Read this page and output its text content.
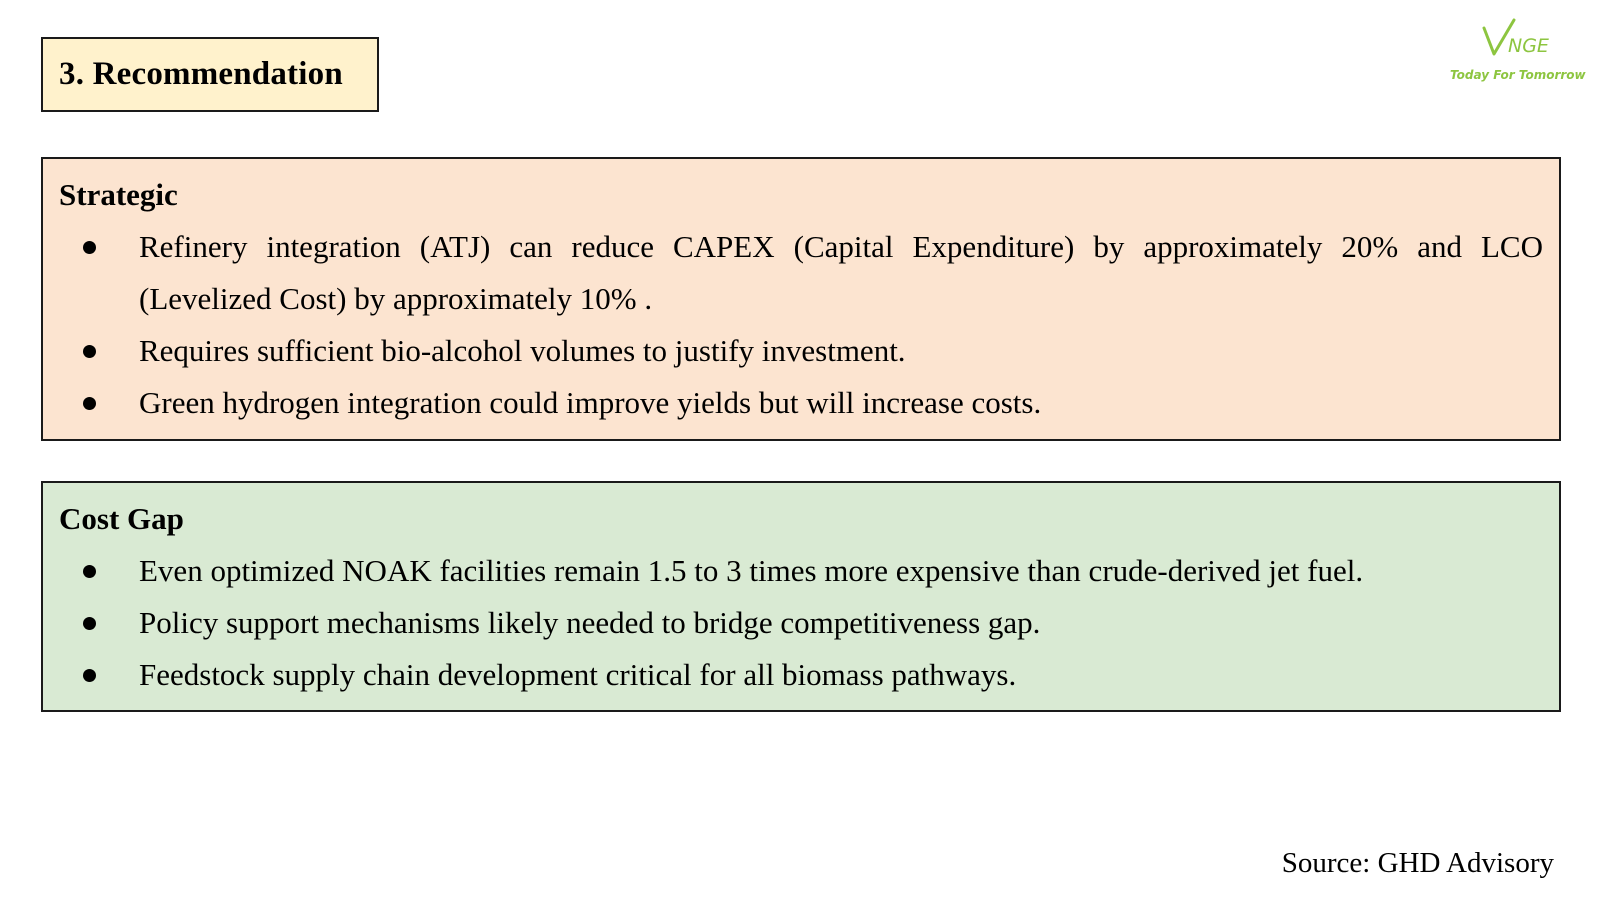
3. Recommendation
NGE
Today For Tomorrow
Strategic
Refinery integration (ATJ) can reduce CAPEX (Capital Expenditure) by approximately 20% and LCO (Levelized Cost) by approximately 10% .
Requires sufficient bio-alcohol volumes to justify investment.
Green hydrogen integration could improve yields but will increase costs.
Cost Gap
Even optimized NOAK facilities remain 1.5 to 3 times more expensive than crude-derived jet fuel.
Policy support mechanisms likely needed to bridge competitiveness gap.
Feedstock supply chain development critical for all biomass pathways.
Source: GHD Advisory
